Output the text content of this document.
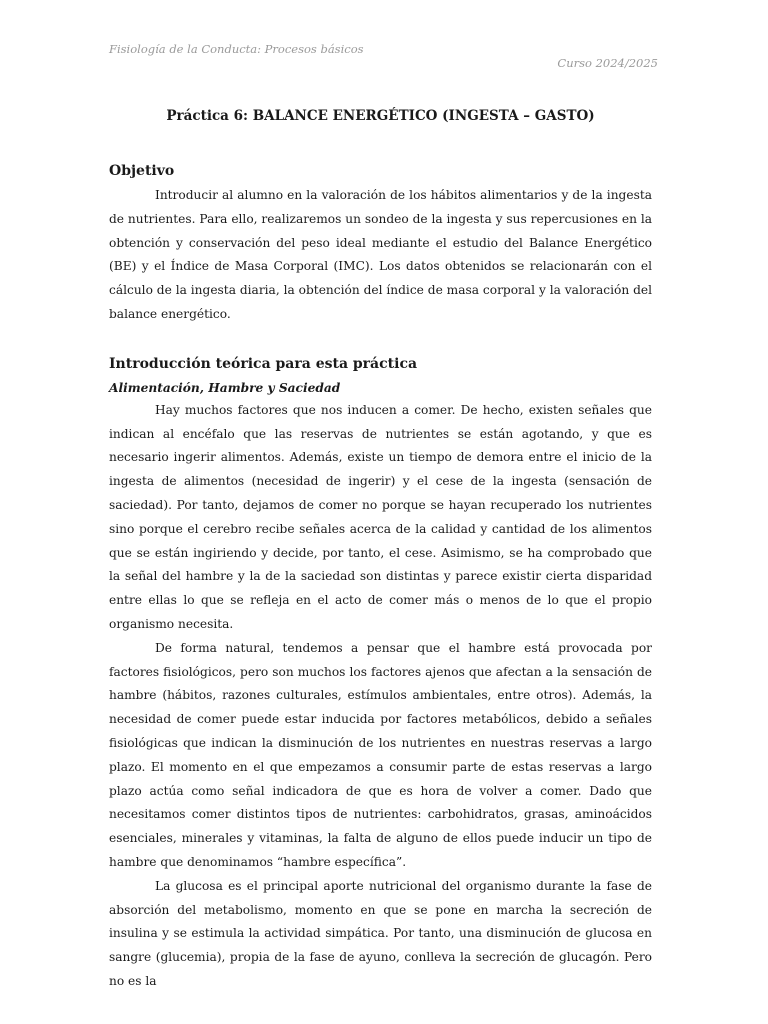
Fisiología de la Conducta: Procesos básicos
Curso 2024/2025
Práctica 6: BALANCE ENERGÉTICO (INGESTA – GASTO)
Objetivo

Introducir al alumno en la valoración de los hábitos alimentarios y de la ingesta de nutrientes. Para ello, realizaremos un sondeo de la ingesta y sus repercusiones en la obtención y conservación del peso ideal mediante el estudio del Balance Energético (BE) y el Índice de Masa Corporal (IMC). Los datos obtenidos se relacionarán con el cálculo de la ingesta diaria, la obtención del índice de masa corporal y la valoración del balance energético.

Introducción teórica para esta práctica
Alimentación, Hambre y Saciedad

Hay muchos factores que nos inducen a comer. De hecho, existen señales que indican al encéfalo que las reservas de nutrientes se están agotando, y que es necesario ingerir alimentos. Además, existe un tiempo de demora entre el inicio de la ingesta de alimentos (necesidad de ingerir) y el cese de la ingesta (sensación de saciedad). Por tanto, dejamos de comer no porque se hayan recuperado los nutrientes sino porque el cerebro recibe señales acerca de la calidad y cantidad de los alimentos que se están ingiriendo y decide, por tanto, el cese. Asimismo, se ha comprobado que la señal del hambre y la de la saciedad son distintas y parece existir cierta disparidad entre ellas lo que se refleja en el acto de comer más o menos de lo que el propio organismo necesita.

De forma natural, tendemos a pensar que el hambre está provocada por factores fisiológicos, pero son muchos los factores ajenos que afectan a la sensación de hambre (hábitos, razones culturales, estímulos ambientales, entre otros). Además, la necesidad de comer puede estar inducida por factores metabólicos, debido a señales fisiológicas que indican la disminución de los nutrientes en nuestras reservas a largo plazo. El momento en el que empezamos a consumir parte de estas reservas a largo plazo actúa como señal indicadora de que es hora de volver a comer. Dado que necesitamos comer distintos tipos de nutrientes: carbohidratos, grasas, aminoácidos esenciales, minerales y vitaminas, la falta de alguno de ellos puede inducir un tipo de hambre que denominamos “hambre específica”.

La glucosa es el principal aporte nutricional del organismo durante la fase de absorción del metabolismo, momento en que se pone en marcha la secreción de insulina y se estimula la actividad simpática. Por tanto, una disminución de glucosa en sangre (glucemia), propia de la fase de ayuno, conlleva la secreción de glucagón. Pero no es la
